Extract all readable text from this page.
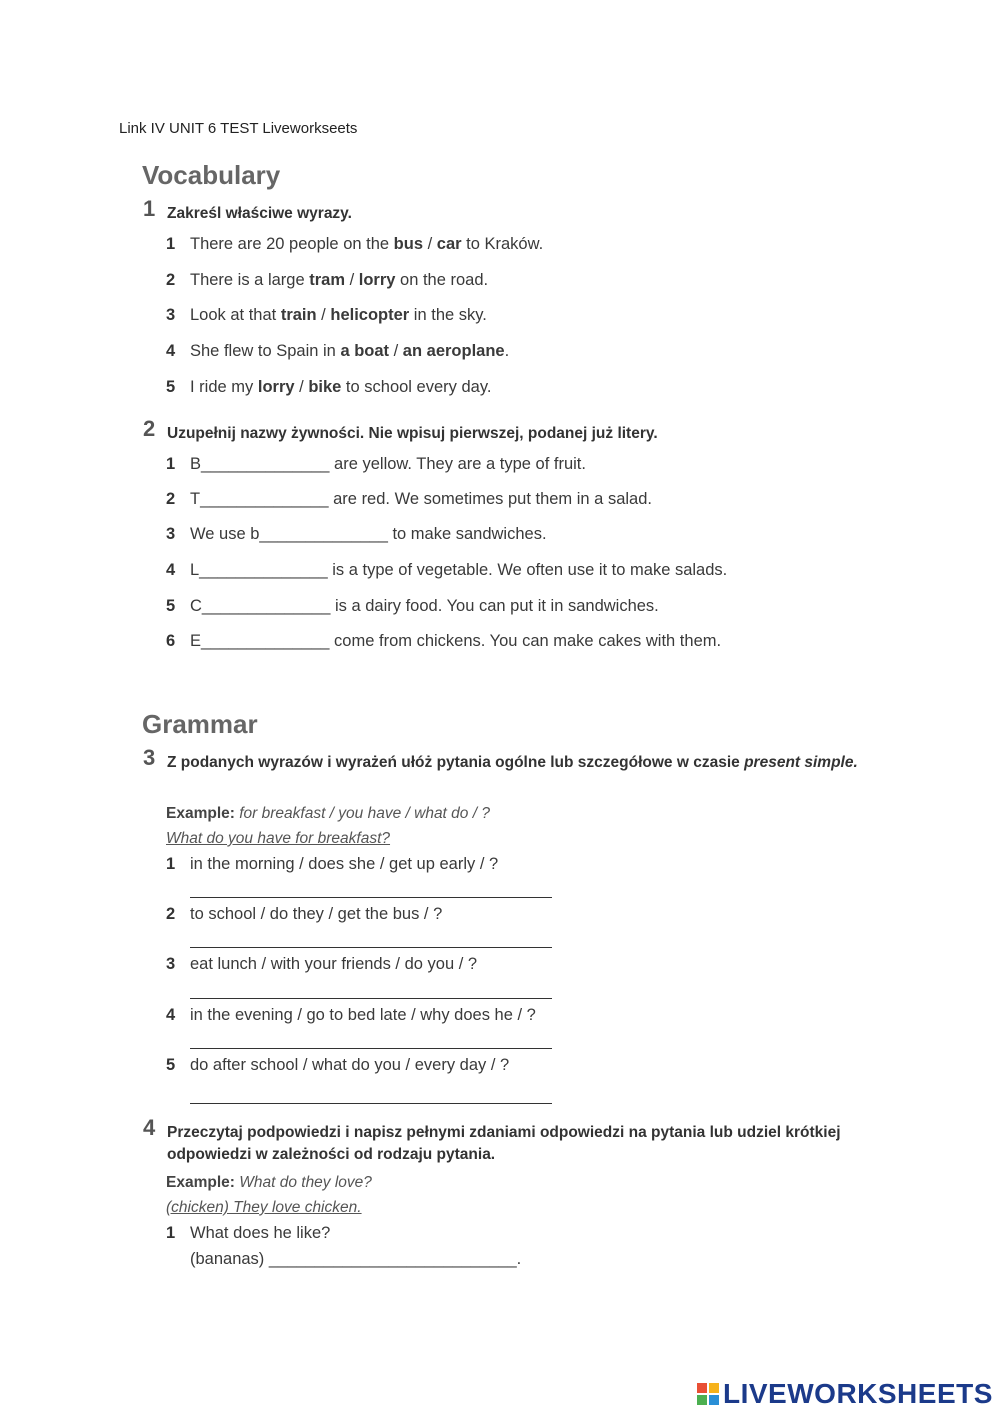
Link IV UNIT 6 TEST Liveworkseets
Vocabulary
1 Zakreśl właściwe wyrazy.
1 There are 20 people on the bus / car to Kraków.
2 There is a large tram / lorry on the road.
3 Look at that train / helicopter in the sky.
4 She flew to Spain in a boat / an aeroplane.
5 I ride my lorry / bike to school every day.
2 Uzupełnij nazwy żywności. Nie wpisuj pierwszej, podanej już litery.
1 B______________ are yellow. They are a type of fruit.
2 T______________ are red. We sometimes put them in a salad.
3 We use b______________ to make sandwiches.
4 L______________ is a type of vegetable. We often use it to make salads.
5 C______________ is a dairy food. You can put it in sandwiches.
6 E______________ come from chickens. You can make cakes with them.
Grammar
3 Z podanych wyrazów i wyrażeń ułóż pytania ogólne lub szczegółowe w czasie present simple.
Example: for breakfast / you have / what do / ?
What do you have for breakfast?
1 in the morning / does she / get up early / ?
2 to school / do they / get the bus / ?
3 eat lunch / with your friends / do you / ?
4 in the evening / go to bed late / why does he / ?
5 do after school / what do you / every day / ?
4 Przeczytaj podpowiedzi i napisz pełnymi zdaniami odpowiedzi na pytania lub udziel krótkiej odpowiedzi w zależności od rodzaju pytania.
Example: What do they love?
(chicken) They love chicken.
1 What does he like?
(bananas) ___________________________.
LIVEWORKSHEETS
